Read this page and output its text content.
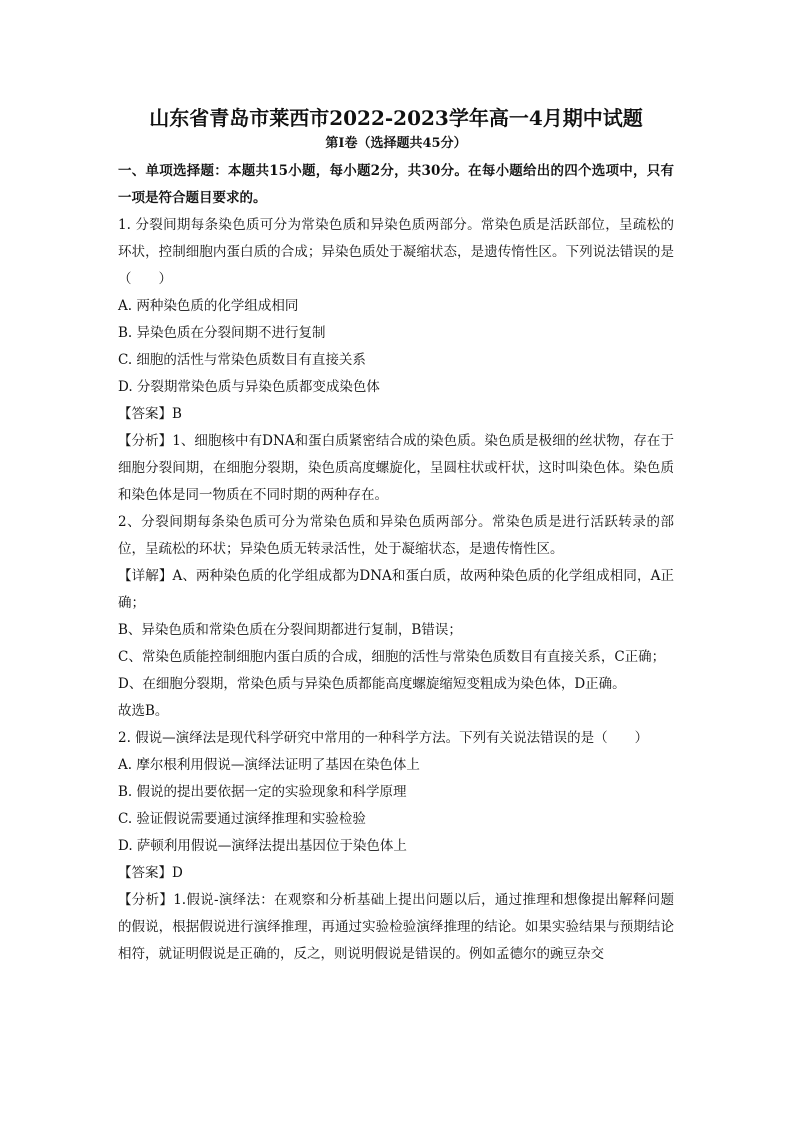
山东省青岛市莱西市2022-2023学年高一4月期中试题
第Ⅰ卷（选择题共45分）

一、单项选择题：本题共15小题，每小题2分，共30分。在每小题给出的四个选项中，只有一项是符合题目要求的。

1. 分裂间期每条染色质可分为常染色质和异染色质两部分。常染色质是活跃部位，呈疏松的环状，控制细胞内蛋白质的合成；异染色质处于凝缩状态，是遗传惰性区。下列说法错误的是（　　）

A. 两种染色质的化学组成相同

B. 异染色质在分裂间期不进行复制

C. 细胞的活性与常染色质数目有直接关系

D. 分裂期常染色质与异染色质都变成染色体

【答案】B

【分析】1、细胞核中有DNA和蛋白质紧密结合成的染色质。染色质是极细的丝状物，存在于细胞分裂间期，在细胞分裂期，染色质高度螺旋化，呈圆柱状或杆状，这时叫染色体。染色质和染色体是同一物质在不同时期的两种存在。

2、分裂间期每条染色质可分为常染色质和异染色质两部分。常染色质是进行活跃转录的部位，呈疏松的环状；异染色质无转录活性，处于凝缩状态，是遗传惰性区。

【详解】A、两种染色质的化学组成都为DNA和蛋白质，故两种染色质的化学组成相同，A正确；

B、异染色质和常染色质在分裂间期都进行复制，B错误；

C、常染色质能控制细胞内蛋白质的合成，细胞的活性与常染色质数目有直接关系，C正确；

D、在细胞分裂期，常染色质与异染色质都能高度螺旋缩短变粗成为染色体，D正确。

故选B。

2. 假说—演绎法是现代科学研究中常用的一种科学方法。下列有关说法错误的是（　　）

A. 摩尔根利用假说—演绎法证明了基因在染色体上

B. 假说的提出要依据一定的实验现象和科学原理

C. 验证假说需要通过演绎推理和实验检验

D. 萨顿利用假说—演绎法提出基因位于染色体上

【答案】D

【分析】1.假说-演绎法：在观察和分析基础上提出问题以后，通过推理和想像提出解释问题的假说，根据假说进行演绎推理，再通过实验检验演绎推理的结论。如果实验结果与预期结论相符，就证明假说是正确的，反之，则说明假说是错误的。例如孟德尔的豌豆杂交
